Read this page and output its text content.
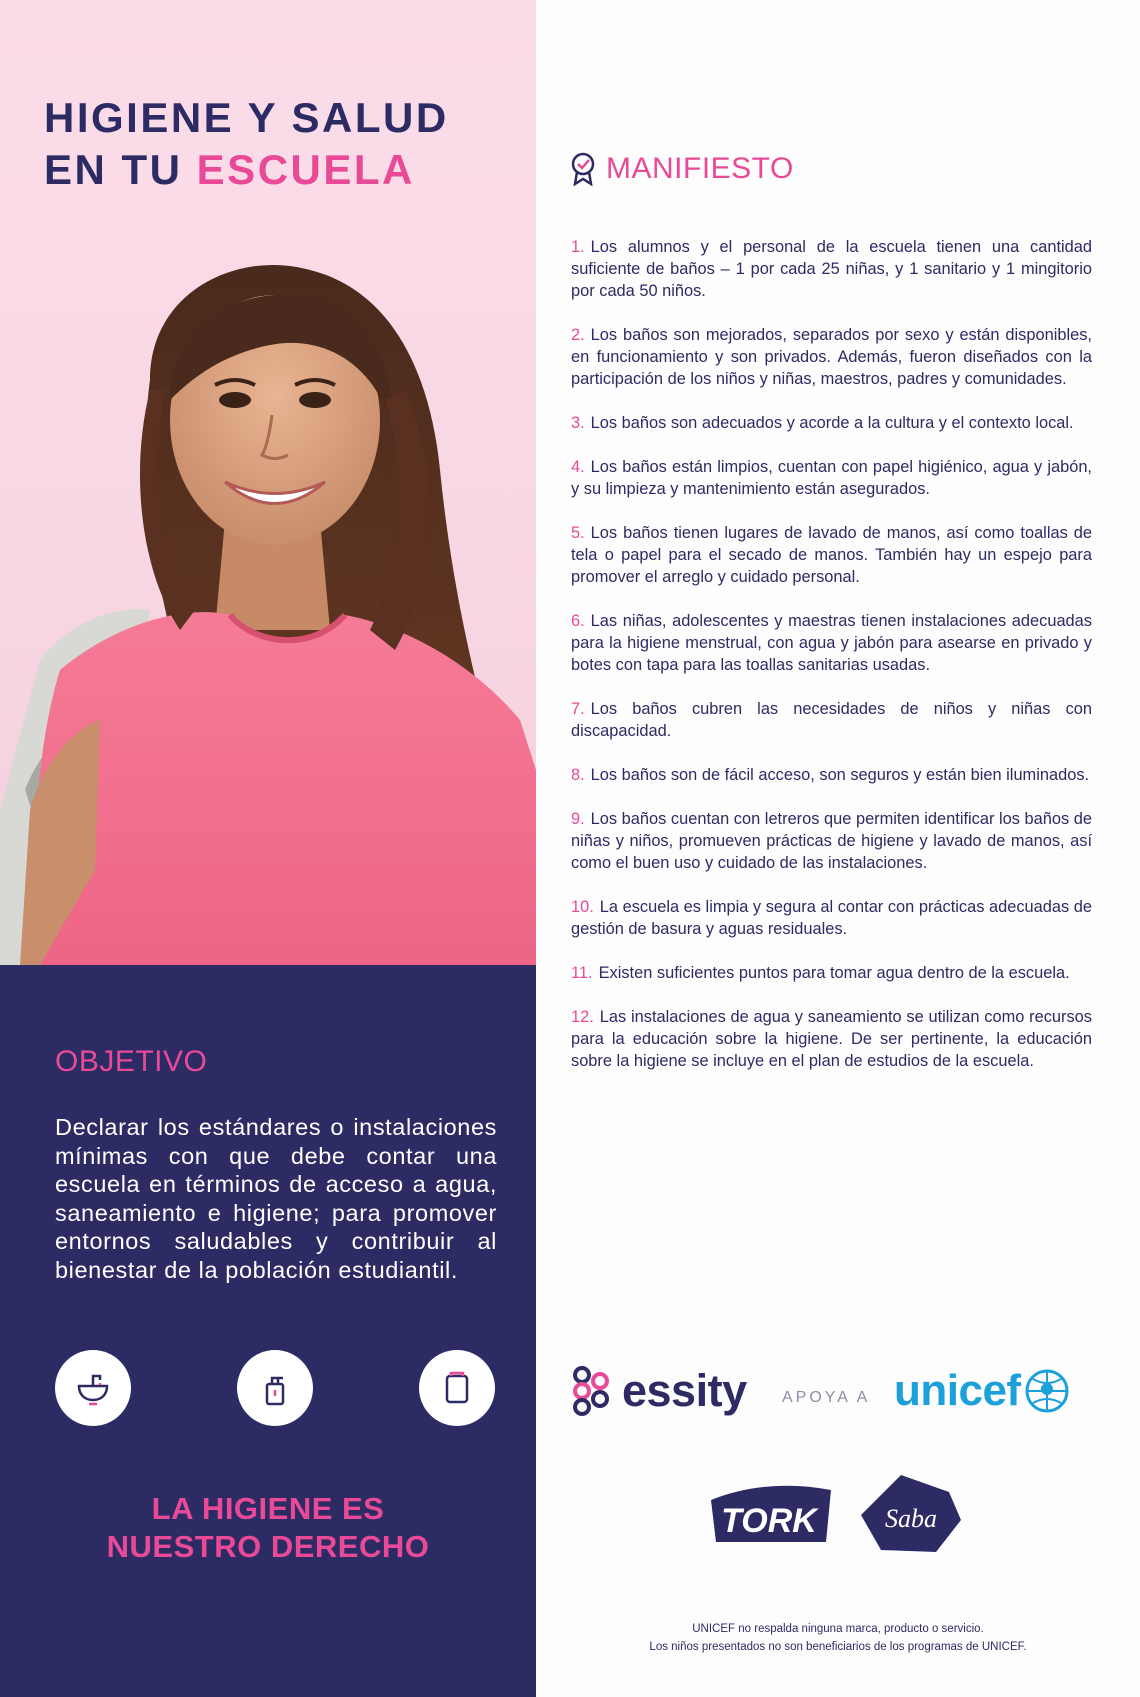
HIGIENE Y SALUD
EN TU ESCUELA
OBJETIVO
Declarar los estándares o instalaciones mínimas con que debe contar una escuela en términos de acceso a agua, saneamiento e higiene; para promover entornos saludables y contribuir al bienestar de la población estudiantil.
LA HIGIENE ES
NUESTRO DERECHO
MANIFIESTO

1. Los alumnos y el personal de la escuela tienen una cantidad suficiente de baños – 1 por cada 25 niñas, y 1 sanitario y 1 mingitorio por cada 50 niños.

2. Los baños son mejorados, separados por sexo y están disponibles, en funcionamiento y son privados. Además, fueron diseñados con la participación de los niños y niñas, maestros, padres y comunidades.

3. Los baños son adecuados y acorde a la cultura y el contexto local.

4. Los baños están limpios, cuentan con papel higiénico, agua y jabón, y su limpieza y mantenimiento están asegurados.

5. Los baños tienen lugares de lavado de manos, así como toallas de tela o papel para el secado de manos. También hay un espejo para promover el arreglo y cuidado personal.

6. Las niñas, adolescentes y maestras tienen instalaciones adecuadas para la higiene menstrual, con agua y jabón para asearse en privado y botes con tapa para las toallas sanitarias usadas.

7. Los baños cubren las necesidades de niños y niñas con discapacidad.

8. Los baños son de fácil acceso, son seguros y están bien iluminados.

9. Los baños cuentan con letreros que permiten identificar los baños de niñas y niños, promueven prácticas de higiene y lavado de manos, así como el buen uso y cuidado de las instalaciones.

10. La escuela es limpia y segura al contar con prácticas adecuadas de gestión de basura y aguas residuales.

11. Existen suficientes puntos para tomar agua dentro de la escuela.

12. Las instalaciones de agua y saneamiento se utilizan como recursos para la educación sobre la higiene. De ser pertinente, la educación sobre la higiene se incluye en el plan de estudios de la escuela.

essity APOYA A unicef
TORK	Saba
UNICEF no respalda ninguna marca, producto o servicio.
Los niños presentados no son beneficiarios de los programas de UNICEF.
